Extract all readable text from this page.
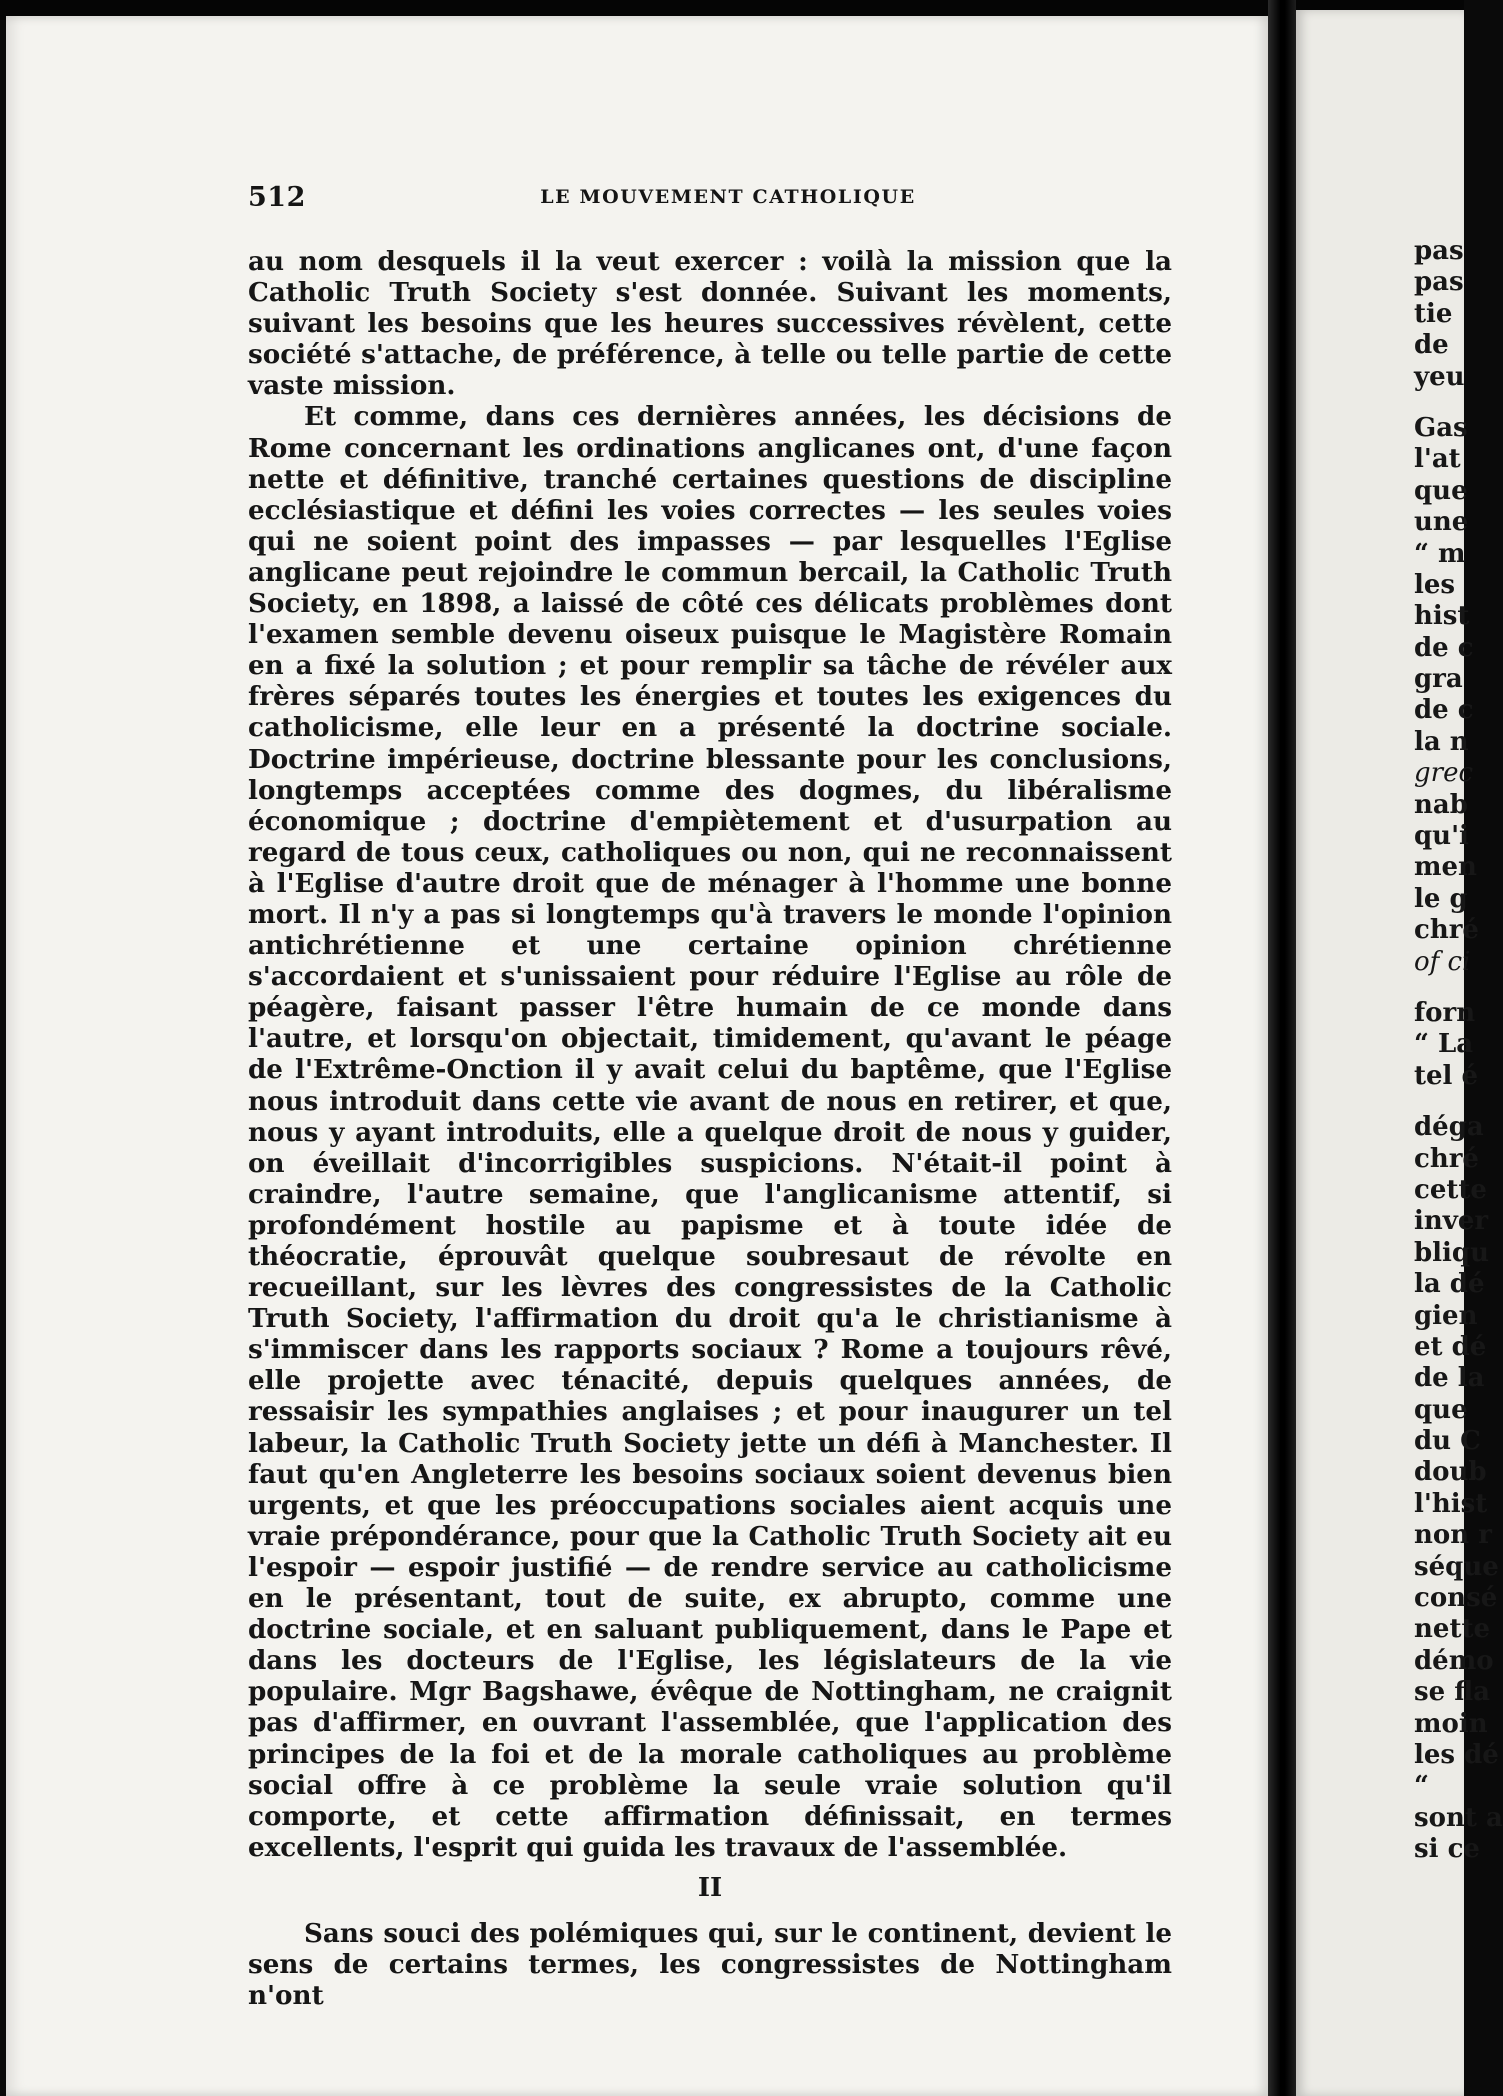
pas
pas
tie
de
yeu

Gas
l'at
que
une
“ m
les
hist
de c
gra
de c
la n
grec
nab
qu'i
men
le g
chré
of ci

forn
“ La
tel é

déga
chré
cette
inver
bliqu
la dé
gien
et dé
de la
que
du C
doub
l'hist
non r
séque
consé
nette
démo
se fla
moin
les dé
“
sont a
si ce
512	LE MOUVEMENT CATHOLIQUE

au nom desquels il la veut exercer : voilà la mission que la Catholic Truth Society s'est donnée. Suivant les moments, suivant les besoins que les heures successives révèlent, cette société s'attache, de préférence, à telle ou telle partie de cette vaste mission.

Et comme, dans ces dernières années, les décisions de Rome concernant les ordinations anglicanes ont, d'une façon nette et définitive, tranché certaines questions de discipline ecclésiastique et défini les voies correctes — les seules voies qui ne soient point des impasses — par lesquelles l'Eglise anglicane peut rejoindre le commun bercail, la Catholic Truth Society, en 1898, a laissé de côté ces délicats problèmes dont l'examen semble devenu oiseux puisque le Magistère Romain en a fixé la solution ; et pour remplir sa tâche de révéler aux frères séparés toutes les énergies et toutes les exigences du catholicisme, elle leur en a présenté la doctrine sociale. Doctrine impérieuse, doctrine blessante pour les conclusions, longtemps acceptées comme des dogmes, du libéralisme économique ; doctrine d'empiètement et d'usurpation au regard de tous ceux, catholiques ou non, qui ne reconnaissent à l'Eglise d'autre droit que de ménager à l'homme une bonne mort. Il n'y a pas si longtemps qu'à travers le monde l'opinion antichrétienne et une certaine opinion chrétienne s'accordaient et s'unissaient pour réduire l'Eglise au rôle de péagère, faisant passer l'être humain de ce monde dans l'autre, et lorsqu'on objectait, timidement, qu'avant le péage de l'Extrême-Onction il y avait celui du baptême, que l'Eglise nous introduit dans cette vie avant de nous en retirer, et que, nous y ayant introduits, elle a quelque droit de nous y guider, on éveillait d'incorrigibles suspicions. N'était-il point à craindre, l'autre semaine, que l'anglicanisme attentif, si profondément hostile au papisme et à toute idée de théocratie, éprouvât quelque soubresaut de révolte en recueillant, sur les lèvres des congressistes de la Catholic Truth Society, l'affirmation du droit qu'a le christianisme à s'immiscer dans les rapports sociaux ? Rome a toujours rêvé, elle projette avec ténacité, depuis quelques années, de ressaisir les sympathies anglaises ; et pour inaugurer un tel labeur, la Catholic Truth Society jette un défi à Manchester. Il faut qu'en Angleterre les besoins sociaux soient devenus bien urgents, et que les préoccupations sociales aient acquis une vraie prépondérance, pour que la Catholic Truth Society ait eu l'espoir — espoir justifié — de rendre service au catholicisme en le présentant, tout de suite, ex abrupto, comme une doctrine sociale, et en saluant publiquement, dans le Pape et dans les docteurs de l'Eglise, les législateurs de la vie populaire. Mgr Bagshawe, évêque de Nottingham, ne craignit pas d'affirmer, en ouvrant l'assemblée, que l'application des principes de la foi et de la morale catholiques au problème social offre à ce problème la seule vraie solution qu'il comporte, et cette affirmation définissait, en termes excellents, l'esprit qui guida les travaux de l'assemblée.

II

Sans souci des polémiques qui, sur le continent, devient le sens de certains termes, les congressistes de Nottingham n'ont
